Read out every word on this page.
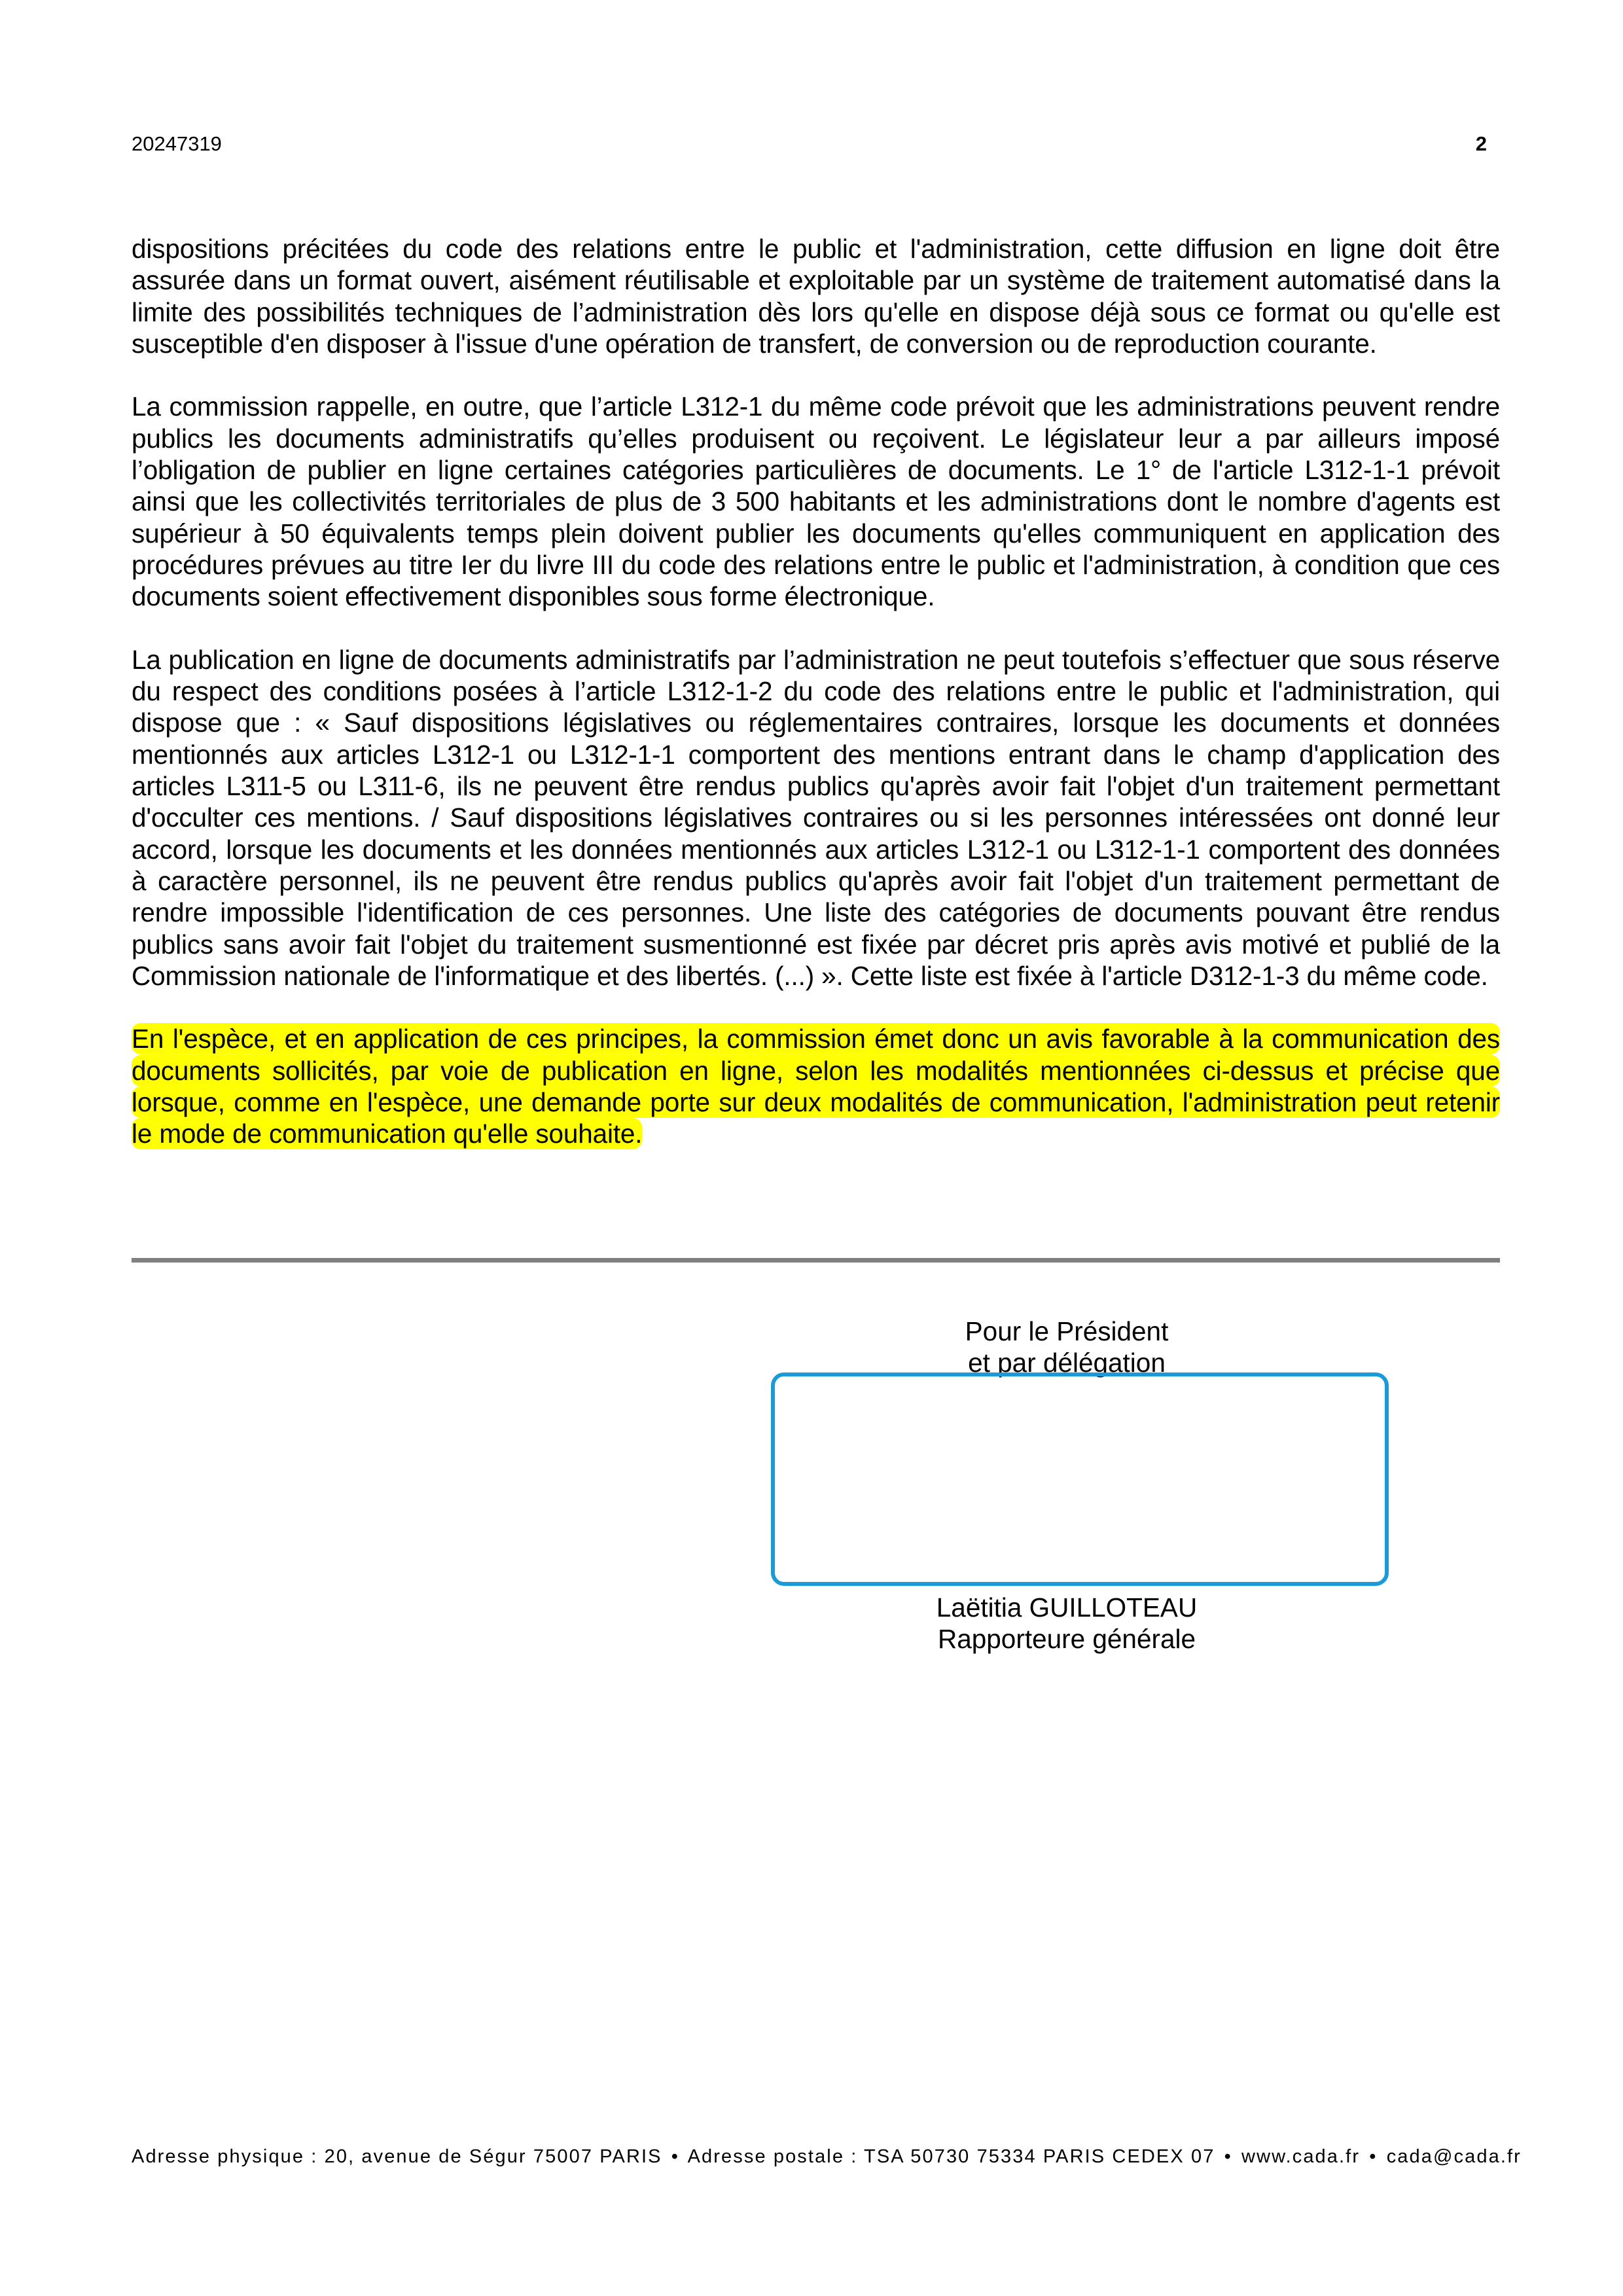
20247319	2

dispositions précitées du code des relations entre le public et l'administration, cette diffusion en ligne doit être assurée dans un format ouvert, aisément réutilisable et exploitable par un système de traitement automatisé dans la limite des possibilités techniques de l’administration dès lors qu'elle en dispose déjà sous ce format ou qu'elle est susceptible d'en disposer à l'issue d'une opération de transfert, de conversion ou de reproduction courante.

La commission rappelle, en outre, que l’article L312-1 du même code prévoit que les administrations peuvent rendre publics les documents administratifs qu’elles produisent ou reçoivent. Le législateur leur a par ailleurs imposé l’obligation de publier en ligne certaines catégories particulières de documents. Le 1° de l'article L312-1-1 prévoit ainsi que les collectivités territoriales de plus de 3 500 habitants et les administrations dont le nombre d'agents est supérieur à 50 équivalents temps plein doivent publier les documents qu'elles communiquent en application des procédures prévues au titre Ier du livre III du code des relations entre le public et l'administration, à condition que ces documents soient effectivement disponibles sous forme électronique.

La publication en ligne de documents administratifs par l’administration ne peut toutefois s’effectuer que sous réserve du respect des conditions posées à l’article L312-1-2 du code des relations entre le public et l'administration, qui dispose que : « Sauf dispositions législatives ou réglementaires contraires, lorsque les documents et données mentionnés aux articles L312-1 ou L312-1-1 comportent des mentions entrant dans le champ d'application des articles L311-5 ou L311-6, ils ne peuvent être rendus publics qu'après avoir fait l'objet d'un traitement permettant d'occulter ces mentions. / Sauf dispositions législatives contraires ou si les personnes intéressées ont donné leur accord, lorsque les documents et les données mentionnés aux articles L312-1 ou L312-1-1 comportent des données à caractère personnel, ils ne peuvent être rendus publics qu'après avoir fait l'objet d'un traitement permettant de rendre impossible l'identification de ces personnes. Une liste des catégories de documents pouvant être rendus publics sans avoir fait l'objet du traitement susmentionné est fixée par décret pris après avis motivé et publié de la Commission nationale de l'informatique et des libertés. (...) ». Cette liste est fixée à l'article D312-1-3 du même code.

En l'espèce, et en application de ces principes, la commission émet donc un avis favorable à la communication des documents sollicités, par voie de publication en ligne, selon les modalités mentionnées ci-dessus et précise que lorsque, comme en l'espèce, une demande porte sur deux modalités de communication, l'administration peut retenir le mode de communication qu'elle souhaite.

Pour le Président
et par délégation
Laëtitia GUILLOTEAU
Rapporteure générale
Adresse physique : 20, avenue de Ségur 75007 PARIS • Adresse postale : TSA 50730 75334 PARIS CEDEX 07 • www.cada.fr • cada@cada.fr
